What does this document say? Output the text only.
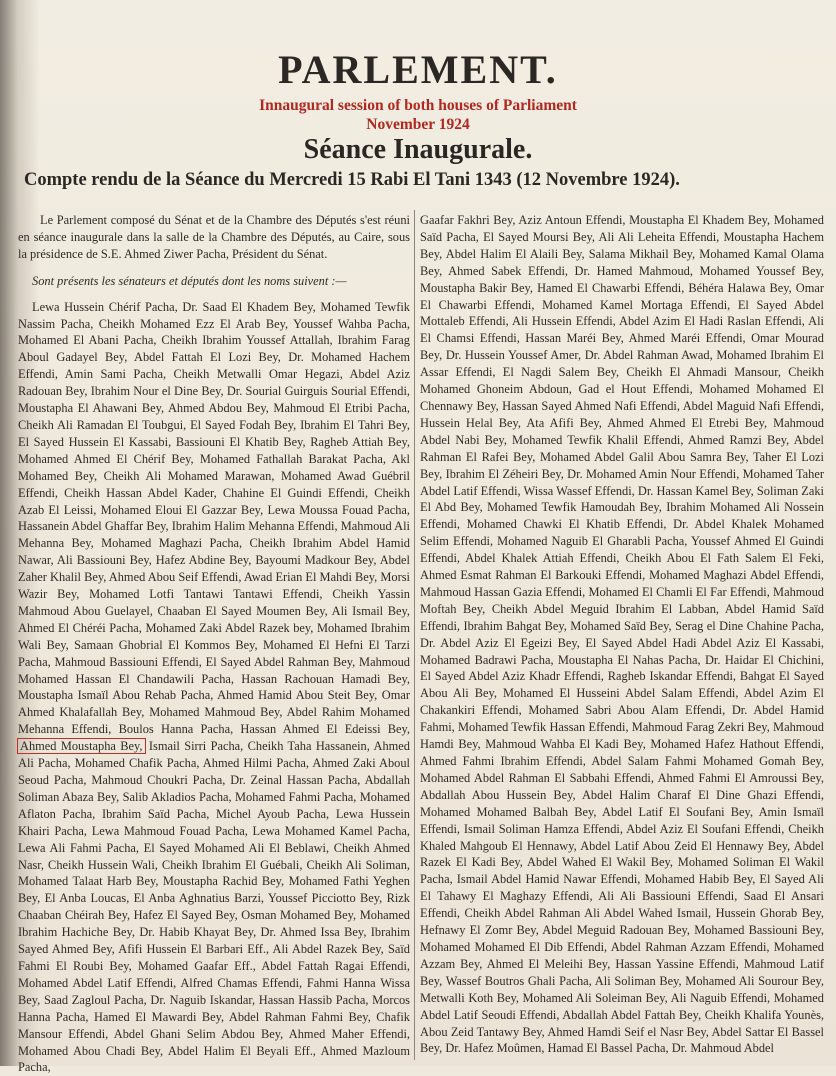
PARLEMENT.
Innaugural session of both houses of Parliament
November 1924
Séance Inaugurale.
Compte rendu de la Séance du Mercredi 15 Rabi El Tani 1343 (12 Novembre 1924).

Le Parlement composé du Sénat et de la Chambre des Députés s'est réuni en séance inaugurale dans la salle de la Chambre des Députés, au Caire, sous la présidence de S.E. Ahmed Ziwer Pacha, Président du Sénat.

Sont présents les sénateurs et députés dont les noms suivent :—

Lewa Hussein Chérif Pacha, Dr. Saad El Khadem Bey, Mohamed Tewfik Nassim Pacha, Cheikh Mohamed Ezz El Arab Bey, Youssef Wahba Pacha, Mohamed El Abani Pacha, Cheikh Ibrahim Youssef Attallah, Ibrahim Farag Aboul Gadayel Bey, Abdel Fattah El Lozi Bey, Dr. Mohamed Hachem Effendi, Amin Sami Pacha, Cheikh Metwalli Omar Hegazi, Abdel Aziz Radouan Bey, Ibrahim Nour el Dine Bey, Dr. Sourial Guirguis Sourial Effendi, Moustapha El Ahawani Bey, Ahmed Abdou Bey, Mahmoud El Etribi Pacha, Cheikh Ali Ramadan El Toubgui, El Sayed Fodah Bey, Ibrahim El Tahri Bey, El Sayed Hussein El Kassabi, Bassiouni El Khatib Bey, Ragheb Attiah Bey, Mohamed Ahmed El Chérif Bey, Mohamed Fathallah Barakat Pacha, Akl Mohamed Bey, Cheikh Ali Mohamed Marawan, Mohamed Awad Guébril Effendi, Cheikh Hassan Abdel Kader, Chahine El Guindi Effendi, Cheikh Azab El Leissi, Mohamed Eloui El Gazzar Bey, Lewa Moussa Fouad Pacha, Hassanein Abdel Ghaffar Bey, Ibrahim Halim Mehanna Effendi, Mahmoud Ali Mehanna Bey, Mohamed Maghazi Pacha, Cheikh Ibrahim Abdel Hamid Nawar, Ali Bassiouni Bey, Hafez Abdine Bey, Bayoumi Madkour Bey, Abdel Zaher Khalil Bey, Ahmed Abou Seif Effendi, Awad Erian El Mahdi Bey, Morsi Wazir Bey, Mohamed Lotfi Tantawi Tantawi Effendi, Cheikh Yassin Mahmoud Abou Guelayel, Chaaban El Sayed Moumen Bey, Ali Ismail Bey, Ahmed El Chéréi Pacha, Mohamed Zaki Abdel Razek bey, Mohamed Ibrahim Wali Bey, Samaan Ghobrial El Kommos Bey, Mohamed El Hefni El Tarzi Pacha, Mahmoud Bassiouni Effendi, El Sayed Abdel Rahman Bey, Mahmoud Mohamed Hassan El Chandawili Pacha, Hassan Rachouan Hamadi Bey, Moustapha Ismaïl Abou Rehab Pacha, Ahmed Hamid Abou Steit Bey, Omar Ahmed Khalafallah Bey, Mohamed Mahmoud Bey, Abdel Rahim Mohamed Mehanna Effendi, Boulos Hanna Pacha, Hassan Ahmed El Edeissi Bey, Ahmed Moustapha Bey, Ismail Sirri Pacha, Cheikh Taha Hassanein, Ahmed Ali Pacha, Mohamed Chafik Pacha, Ahmed Hilmi Pacha, Ahmed Zaki Aboul Seoud Pacha, Mahmoud Choukri Pacha, Dr. Zeinal Hassan Pacha, Abdallah Soliman Abaza Bey, Salib Akladios Pacha, Mohamed Fahmi Pacha, Mohamed Aflaton Pacha, Ibrahim Saïd Pacha, Michel Ayoub Pacha, Lewa Hussein Khairi Pacha, Lewa Mahmoud Fouad Pacha, Lewa Mohamed Kamel Pacha, Lewa Ali Fahmi Pacha, El Sayed Mohamed Ali El Beblawi, Cheikh Ahmed Nasr, Cheikh Hussein Wali, Cheikh Ibrahim El Guébali, Cheikh Ali Soliman, Mohamed Talaat Harb Bey, Moustapha Rachid Bey, Mohamed Fathi Yeghen Bey, El Anba Loucas, El Anba Aghnatius Barzi, Youssef Picciotto Bey, Rizk Chaaban Chéirah Bey, Hafez El Sayed Bey, Osman Mohamed Bey, Mohamed Ibrahim Hachiche Bey, Dr. Habib Khayat Bey, Dr. Ahmed Issa Bey, Ibrahim Sayed Ahmed Bey, Afifi Hussein El Barbari Eff., Ali Abdel Razek Bey, Saïd Fahmi El Roubi Bey, Mohamed Gaafar Eff., Abdel Fattah Ragai Effendi, Mohamed Abdel Latif Effendi, Alfred Chamas Effendi, Fahmi Hanna Wissa Bey, Saad Zagloul Pacha, Dr. Naguib Iskandar, Hassan Hassib Pacha, Morcos Hanna Pacha, Hamed El Mawardi Bey, Abdel Rahman Fahmi Bey, Chafik Mansour Effendi, Abdel Ghani Selim Abdou Bey, Ahmed Maher Effendi, Mohamed Abou Chadi Bey, Abdel Halim El Beyali Eff., Ahmed Mazloum Pacha,

Gaafar Fakhri Bey, Aziz Antoun Effendi, Moustapha El Khadem Bey, Mohamed Saïd Pacha, El Sayed Moursi Bey, Ali Ali Leheita Effendi, Moustapha Hachem Bey, Abdel Halim El Alaili Bey, Salama Mikhail Bey, Mohamed Kamal Olama Bey, Ahmed Sabek Effendi, Dr. Hamed Mahmoud, Mohamed Youssef Bey, Moustapha Bakir Bey, Hamed El Chawarbi Effendi, Béhéra Halawa Bey, Omar El Chawarbi Effendi, Mohamed Kamel Mortaga Effendi, El Sayed Abdel Mottaleb Effendi, Ali Hussein Effendi, Abdel Azim El Hadi Raslan Effendi, Ali El Chamsi Effendi, Hassan Maréi Bey, Ahmed Maréi Effendi, Omar Mourad Bey, Dr. Hussein Youssef Amer, Dr. Abdel Rahman Awad, Mohamed Ibrahim El Assar Effendi, El Nagdi Salem Bey, Cheikh El Ahmadi Mansour, Cheikh Mohamed Ghoneim Abdoun, Gad el Hout Effendi, Mohamed Mohamed El Chennawy Bey, Hassan Sayed Ahmed Nafi Effendi, Abdel Maguid Nafi Effendi, Hussein Helal Bey, Ata Afifi Bey, Ahmed Ahmed El Etrebi Bey, Mahmoud Abdel Nabi Bey, Mohamed Tewfik Khalil Effendi, Ahmed Ramzi Bey, Abdel Rahman El Rafei Bey, Mohamed Abdel Galil Abou Samra Bey, Taher El Lozi Bey, Ibrahim El Zéheiri Bey, Dr. Mohamed Amin Nour Effendi, Mohamed Taher Abdel Latif Effendi, Wissa Wassef Effendi, Dr. Hassan Kamel Bey, Soliman Zaki El Abd Bey, Mohamed Tewfik Hamoudah Bey, Ibrahim Mohamed Ali Nossein Effendi, Mohamed Chawki El Khatib Effendi, Dr. Abdel Khalek Mohamed Selim Effendi, Mohamed Naguib El Gharabli Pacha, Youssef Ahmed El Guindi Effendi, Abdel Khalek Attiah Effendi, Cheikh Abou El Fath Salem El Feki, Ahmed Esmat Rahman El Barkouki Effendi, Mohamed Maghazi Abdel Effendi, Mahmoud Hassan Gazia Effendi, Mohamed El Chamli El Far Effendi, Mahmoud Moftah Bey, Cheikh Abdel Meguid Ibrahim El Labban, Abdel Hamid Saïd Effendi, Ibrahim Bahgat Bey, Mohamed Saïd Bey, Serag el Dine Chahine Pacha, Dr. Abdel Aziz El Egeizi Bey, El Sayed Abdel Hadi Abdel Aziz El Kassabi, Mohamed Badrawi Pacha, Moustapha El Nahas Pacha, Dr. Haidar El Chichini, El Sayed Abdel Aziz Khadr Effendi, Ragheb Iskandar Effendi, Bahgat El Sayed Abou Ali Bey, Mohamed El Husseini Abdel Salam Effendi, Abdel Azim El Chakankiri Effendi, Mohamed Sabri Abou Alam Effendi, Dr. Abdel Hamid Fahmi, Mohamed Tewfik Hassan Effendi, Mahmoud Farag Zekri Bey, Mahmoud Hamdi Bey, Mahmoud Wahba El Kadi Bey, Mohamed Hafez Hathout Effendi, Ahmed Fahmi Ibrahim Effendi, Abdel Salam Fahmi Mohamed Gomah Bey, Mohamed Abdel Rahman El Sabbahi Effendi, Ahmed Fahmi El Amroussi Bey, Abdallah Abou Hussein Bey, Abdel Halim Charaf El Dine Ghazi Effendi, Mohamed Mohamed Balbah Bey, Abdel Latif El Soufani Bey, Amin Ismaïl Effendi, Ismail Soliman Hamza Effendi, Abdel Aziz El Soufani Effendi, Cheikh Khaled Mahgoub El Hennawy, Abdel Latif Abou Zeid El Hennawy Bey, Abdel Razek El Kadi Bey, Abdel Wahed El Wakil Bey, Mohamed Soliman El Wakil Pacha, Ismail Abdel Hamid Nawar Effendi, Mohamed Habib Bey, El Sayed Ali El Tahawy El Maghazy Effendi, Ali Ali Bassiouni Effendi, Saad El Ansari Effendi, Cheikh Abdel Rahman Ali Abdel Wahed Ismail, Hussein Ghorab Bey, Hefnawy El Zomr Bey, Abdel Meguid Radouan Bey, Mohamed Bassiouni Bey, Mohamed Mohamed El Dib Effendi, Abdel Rahman Azzam Effendi, Mohamed Azzam Bey, Ahmed El Meleihi Bey, Hassan Yassine Effendi, Mahmoud Latif Bey, Wassef Boutros Ghali Pacha, Ali Soliman Bey, Mohamed Ali Sourour Bey, Metwalli Koth Bey, Mohamed Ali Soleiman Bey, Ali Naguib Effendi, Mohamed Abdel Latif Seoudi Effendi, Abdallah Abdel Fattah Bey, Cheikh Khalifa Younès, Abou Zeid Tantawy Bey, Ahmed Hamdi Seif el Nasr Bey, Abdel Sattar El Bassel Bey, Dr. Hafez Moûmen, Hamad El Bassel Pacha, Dr. Mahmoud Abdel
